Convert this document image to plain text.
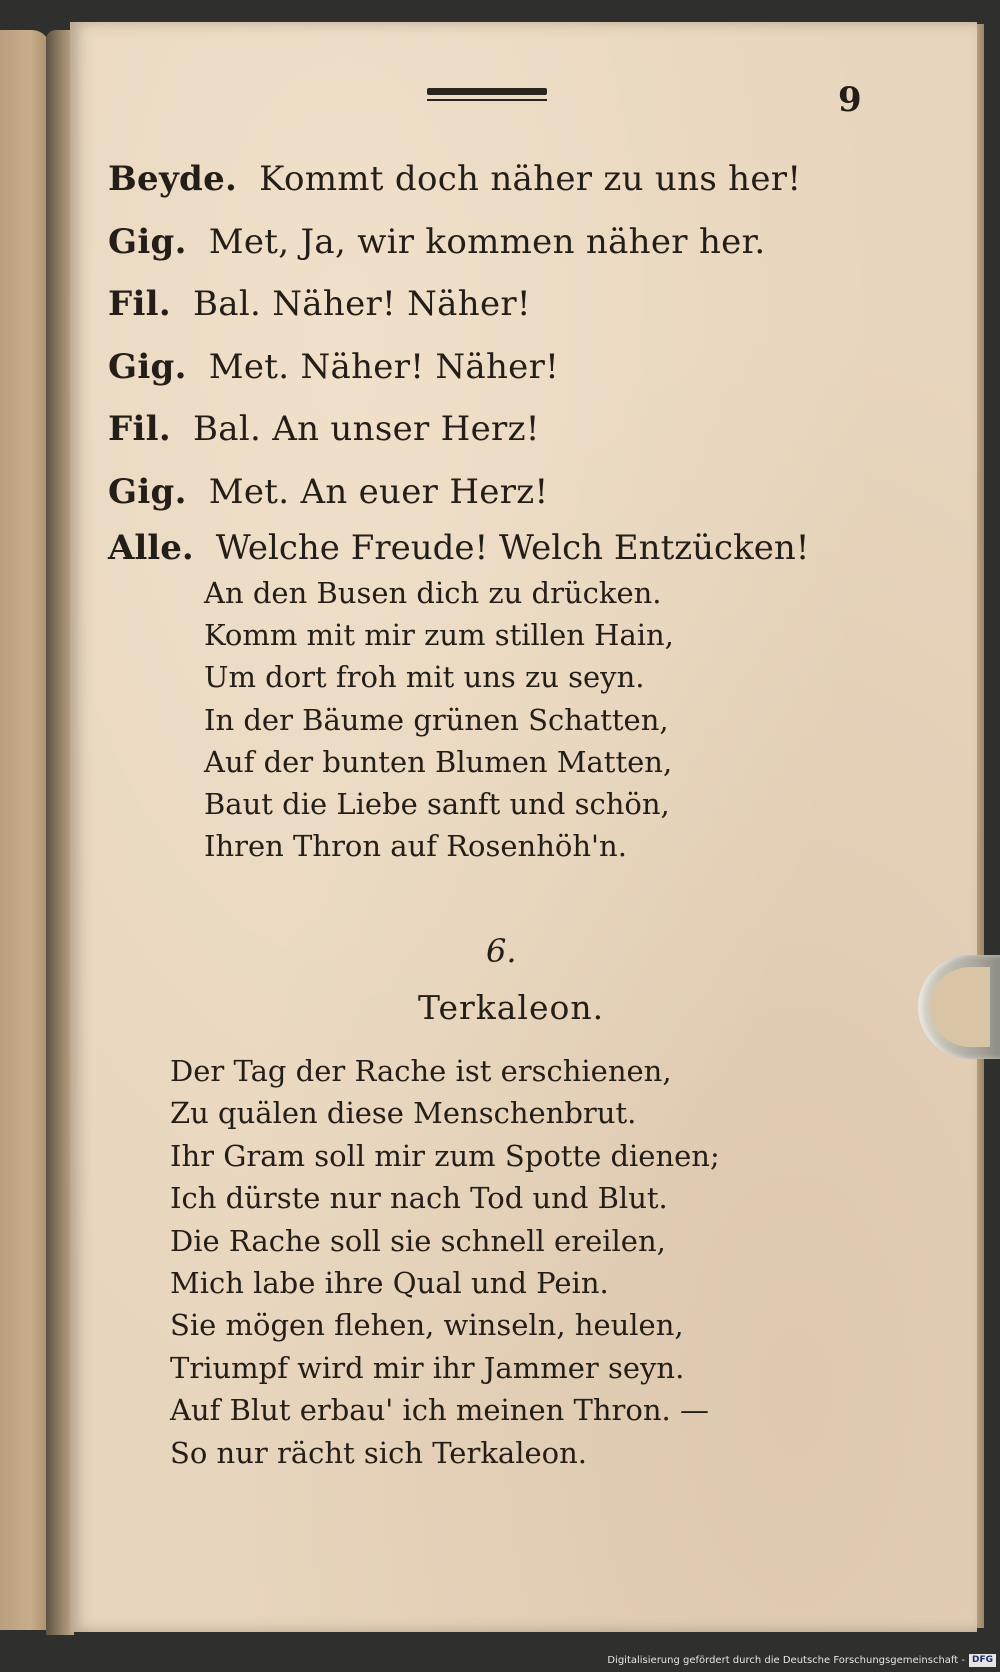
9
Beyde. Kommt doch näher zu uns her!
Gig. Met, Ja, wir kommen näher her.
Fil. Bal. Näher! Näher!
Gig. Met. Näher! Näher!
Fil. Bal. An unser Herz!
Gig. Met. An euer Herz!
Alle. Welche Freude! Welch Entzücken!
An den Busen dich zu drücken.
Komm mit mir zum stillen Hain,
Um dort froh mit uns zu seyn.
In der Bäume grünen Schatten,
Auf der bunten Blumen Matten,
Baut die Liebe sanft und schön,
Ihren Thron auf Rosenhöh'n.
6.
Terkaleon.
Der Tag der Rache ist erschienen,
Zu quälen diese Menschenbrut.
Ihr Gram soll mir zum Spotte dienen;
Ich dürste nur nach Tod und Blut.
Die Rache soll sie schnell ereilen,
Mich labe ihre Qual und Pein.
Sie mögen flehen, winseln, heulen,
Triumpf wird mir ihr Jammer seyn.
Auf Blut erbau' ich meinen Thron. —
So nur rächt sich Terkaleon.
Digitalisierung gefördert durch die Deutsche Forschungsgemeinschaft - DFG
